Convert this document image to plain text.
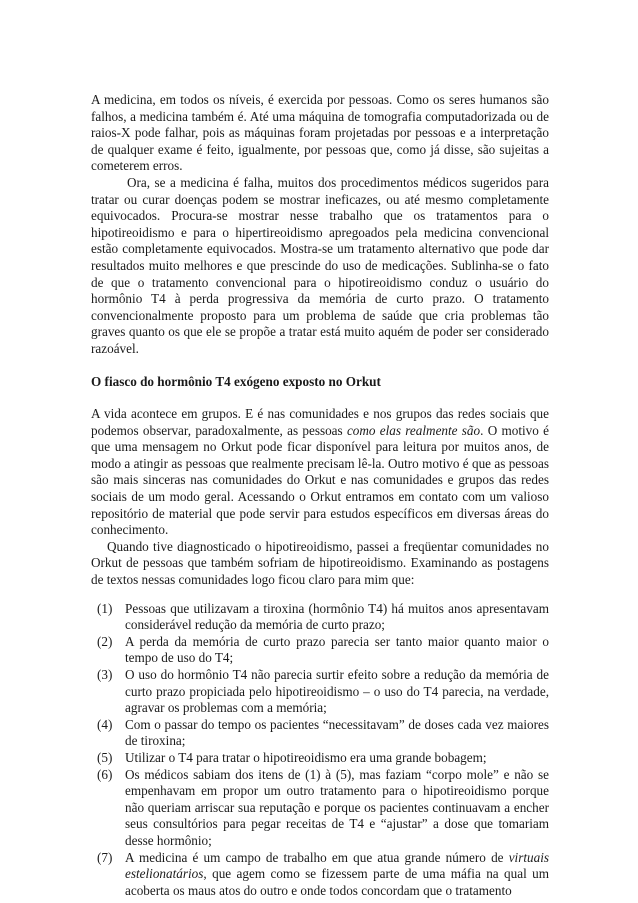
A medicina, em todos os níveis, é exercida por pessoas. Como os seres humanos são falhos, a medicina também é. Até uma máquina de tomografia computadorizada ou de raios-X pode falhar, pois as máquinas foram projetadas por pessoas e a interpretação de qualquer exame é feito, igualmente, por pessoas que, como já disse, são sujeitas a cometerem erros.

Ora, se a medicina é falha, muitos dos procedimentos médicos sugeridos para tratar ou curar doenças podem se mostrar ineficazes, ou até mesmo completamente equivocados. Procura-se mostrar nesse trabalho que os tratamentos para o hipotireoidismo e para o hipertireoidismo apregoados pela medicina convencional estão completamente equivocados. Mostra-se um tratamento alternativo que pode dar resultados muito melhores e que prescinde do uso de medicações. Sublinha-se o fato de que o tratamento convencional para o hipotireoidismo conduz o usuário do hormônio T4 à perda progressiva da memória de curto prazo. O tratamento convencionalmente proposto para um problema de saúde que cria problemas tão graves quanto os que ele se propõe a tratar está muito aquém de poder ser considerado razoável.

O fiasco do hormônio T4 exógeno exposto no Orkut

A vida acontece em grupos. E é nas comunidades e nos grupos das redes sociais que podemos observar, paradoxalmente, as pessoas como elas realmente são. O motivo é que uma mensagem no Orkut pode ficar disponível para leitura por muitos anos, de modo a atingir as pessoas que realmente precisam lê-la. Outro motivo é que as pessoas são mais sinceras nas comunidades do Orkut e nas comunidades e grupos das redes sociais de um modo geral. Acessando o Orkut entramos em contato com um valioso repositório de material que pode servir para estudos específicos em diversas áreas do conhecimento.

Quando tive diagnosticado o hipotireoidismo, passei a freqüentar comunidades no Orkut de pessoas que também sofriam de hipotireoidismo. Examinando as postagens de textos nessas comunidades logo ficou claro para mim que:

(1) Pessoas que utilizavam a tiroxina (hormônio T4) há muitos anos apresentavam considerável redução da memória de curto prazo;
(2) A perda da memória de curto prazo parecia ser tanto maior quanto maior o tempo de uso do T4;
(3) O uso do hormônio T4 não parecia surtir efeito sobre a redução da memória de curto prazo propiciada pelo hipotireoidismo – o uso do T4 parecia, na verdade, agravar os problemas com a memória;
(4) Com o passar do tempo os pacientes “necessitavam” de doses cada vez maiores de tiroxina;
(5) Utilizar o T4 para tratar o hipotireoidismo era uma grande bobagem;
(6) Os médicos sabiam dos itens de (1) à (5), mas faziam “corpo mole” e não se empenhavam em propor um outro tratamento para o hipotireoidismo porque não queriam arriscar sua reputação e porque os pacientes continuavam a encher seus consultórios para pegar receitas de T4 e “ajustar” a dose que tomariam desse hormônio;
(7) A medicina é um campo de trabalho em que atua grande número de virtuais estelionatários, que agem como se fizessem parte de uma máfia na qual um acoberta os maus atos do outro e onde todos concordam que o tratamento
